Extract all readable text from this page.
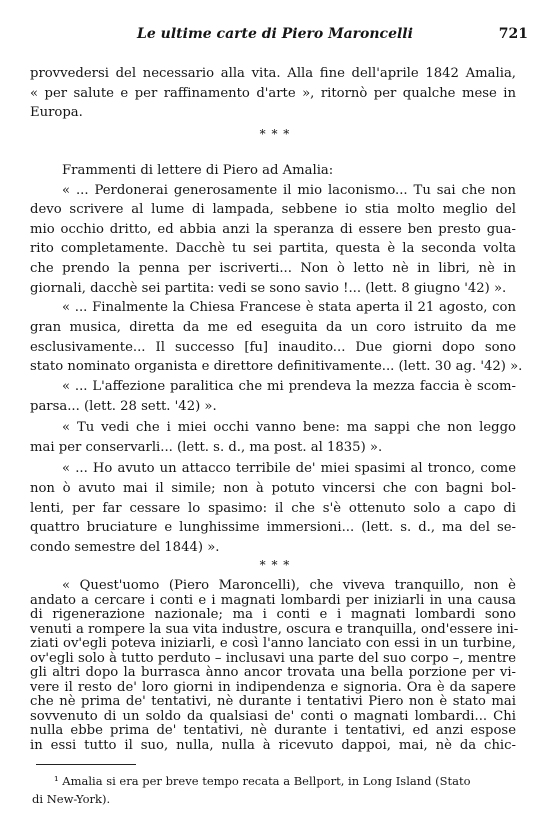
Le ultime carte di Piero Maroncelli	721
provvedersi del necessario alla vita. Alla fine dell'aprile 1842 Amalia,
« per salute e per raffinamento d'arte », ritornò per qualche mese in
Europa.
* * *
Frammenti di lettere di Piero ad Amalia:
« ... Perdonerai generosamente il mio laconismo... Tu sai che non
devo scrivere al lume di lampada, sebbene io stia molto meglio del
mio occhio dritto, ed abbia anzi la speranza di essere ben presto gua-
rito completamente. Dacchè tu sei partita, questa è la seconda volta
che prendo la penna per iscriverti... Non ò letto nè in libri, nè in
giornali, dacchè sei partita: vedi se sono savio !... (lett. 8 giugno '42) ».
« ... Finalmente la Chiesa Francese è stata aperta il 21 agosto, con
gran musica, diretta da me ed eseguita da un coro istruito da me
esclusivamente... Il successo [fu] inaudito... Due giorni dopo sono
stato nominato organista e direttore definitivamente... (lett. 30 ag. '42) ».
« ... L'affezione paralitica che mi prendeva la mezza faccia è scom-
parsa... (lett. 28 sett. '42) ».
« Tu vedi che i miei occhi vanno bene: ma sappi che non leggo
mai per conservarli... (lett. s. d., ma post. al 1835) ».
« ... Ho avuto un attacco terribile de' miei spasimi al tronco, come
non ò avuto mai il simile; non à potuto vincersi che con bagni bol-
lenti, per far cessare lo spasimo: il che s'è ottenuto solo a capo di
quattro bruciature e lunghissime immersioni... (lett. s. d., ma del se-
condo semestre del 1844) ».
* * *
« Quest'uomo (Piero Maroncelli), che viveva tranquillo, non è
andato a cercare i conti e i magnati lombardi per iniziarli in una causa
di rigenerazione nazionale; ma i conti e i magnati lombardi sono
venuti a rompere la sua vita industre, oscura e tranquilla, ond'essere ini-
ziati ov'egli poteva iniziarli, e così l'anno lanciato con essi in un turbine,
ov'egli solo à tutto perduto – inclusavi una parte del suo corpo –, mentre
gli altri dopo la burrasca ànno ancor trovata una bella porzione per vi-
vere il resto de' loro giorni in indipendenza e signoria. Ora è da sapere
che nè prima de' tentativi, nè durante i tentativi Piero non è stato mai
sovvenuto di un soldo da qualsiasi de' conti o magnati lombardi... Chi
nulla ebbe prima de' tentativi, nè durante i tentativi, ed anzi espose
in essi tutto il suo, nulla, nulla à ricevuto dappoi, mai, nè da chic-
¹ Amalia si era per breve tempo recata a Bellport, in Long Island (Stato
di New-York).
